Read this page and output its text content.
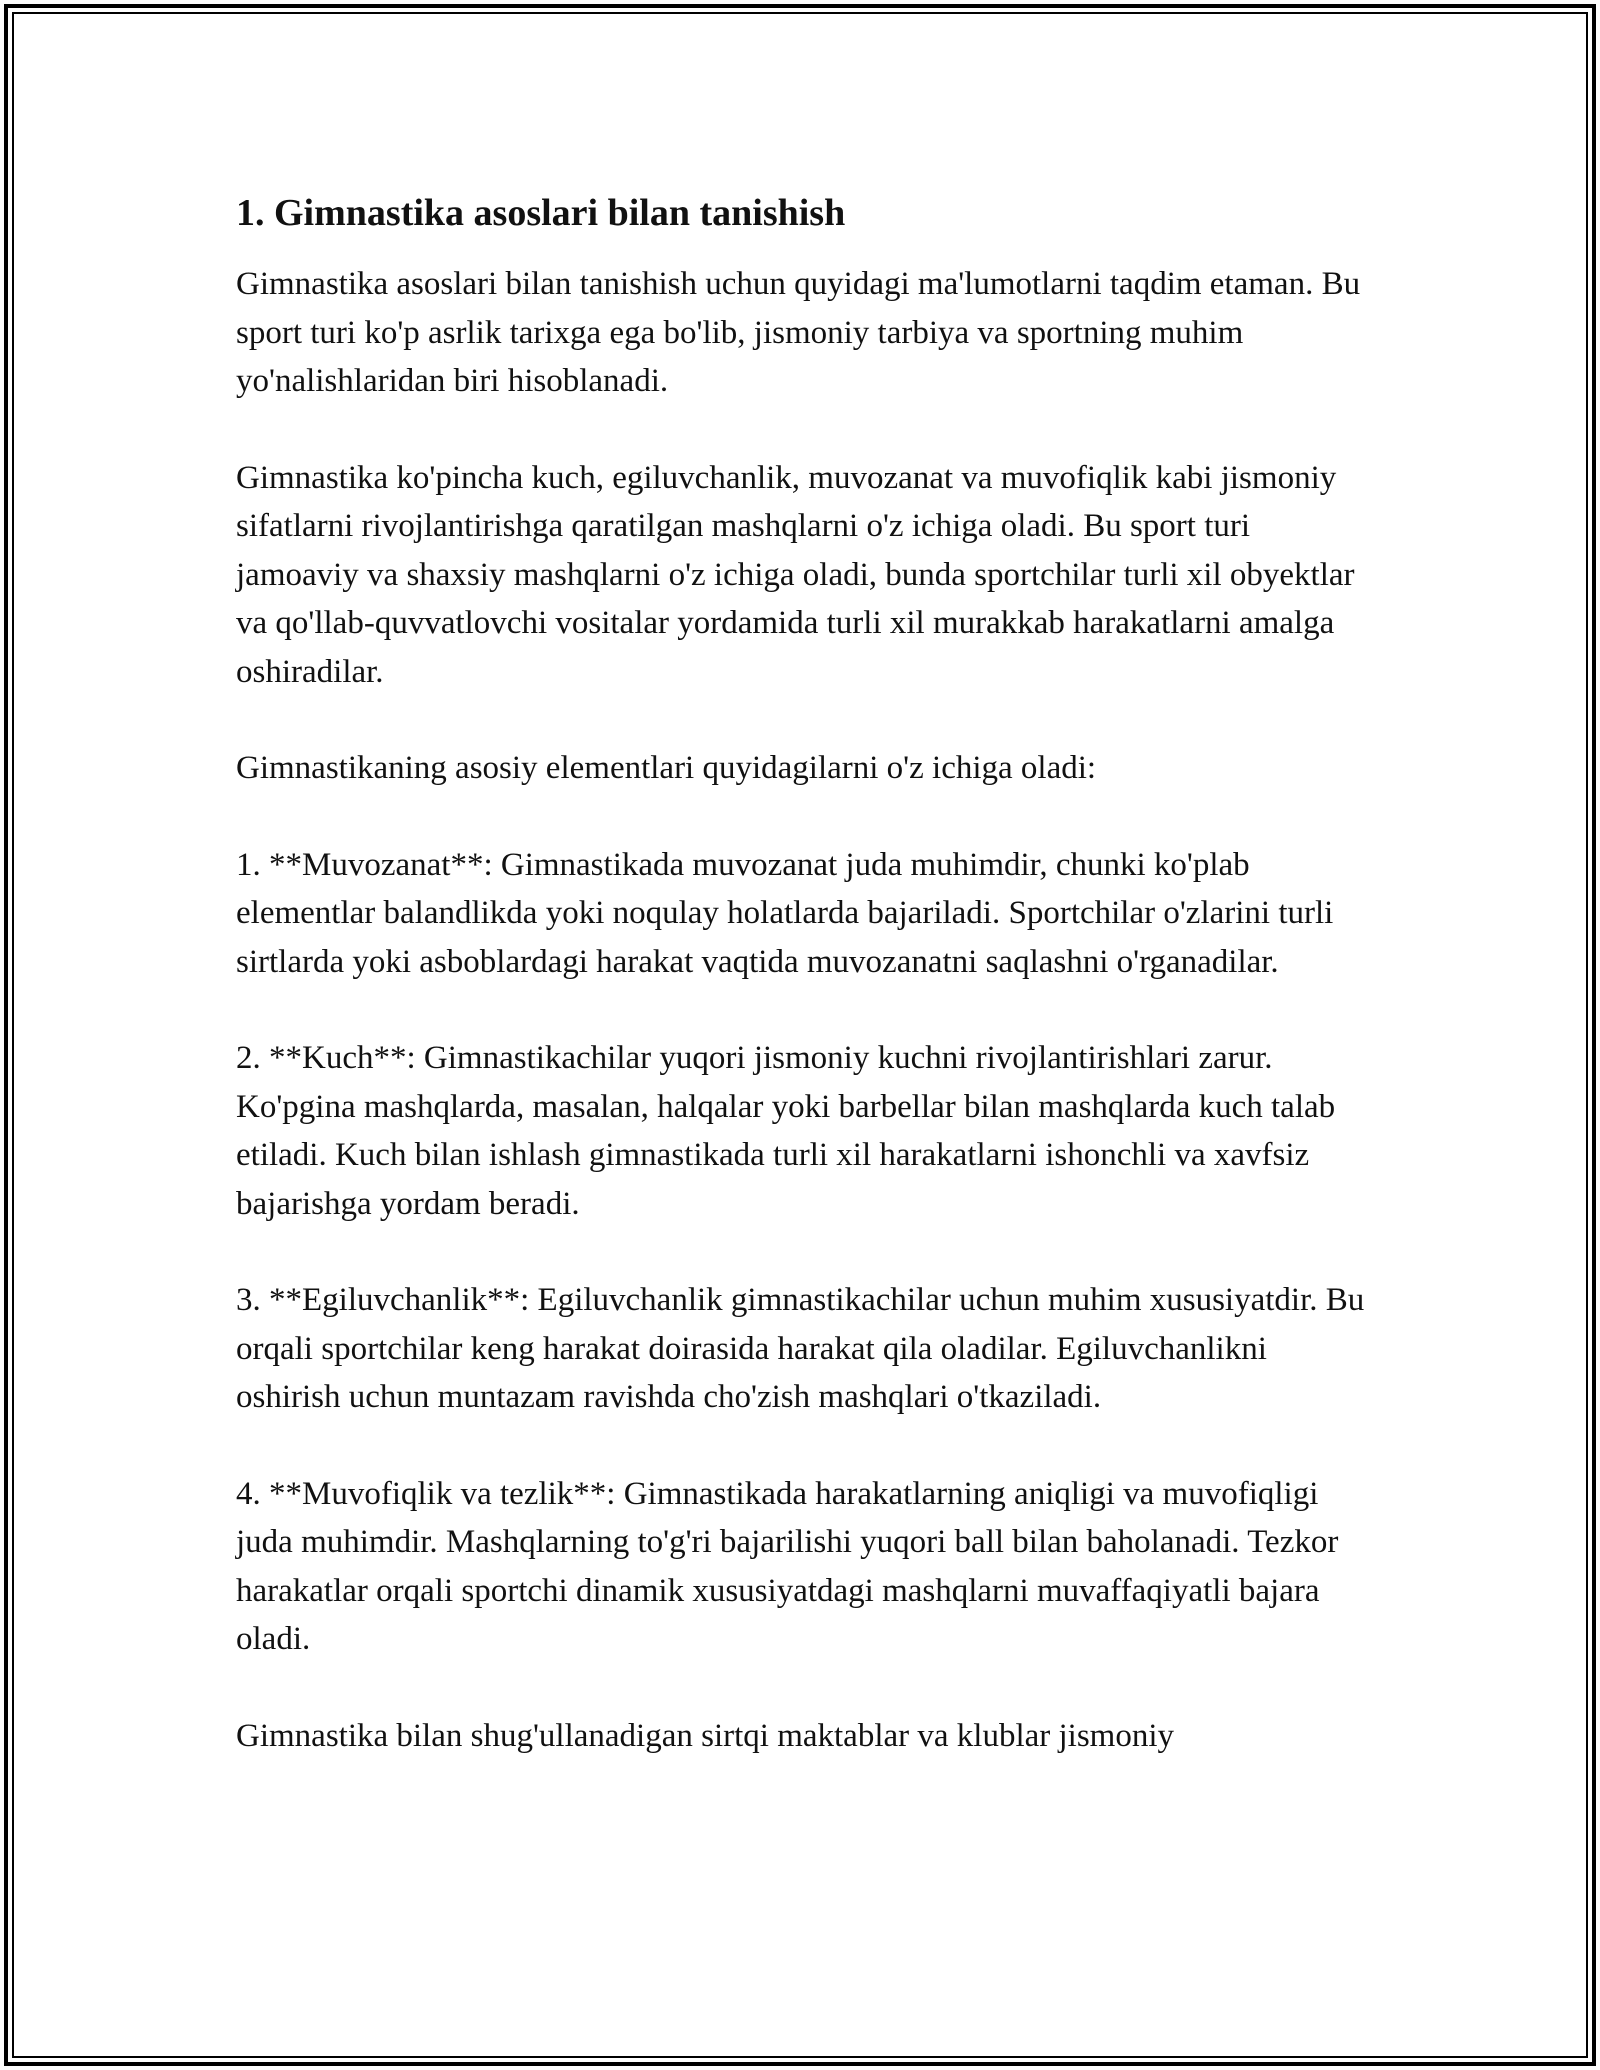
1. Gimnastika asoslari bilan tanishish

Gimnastika asoslari bilan tanishish uchun quyidagi ma'lumotlarni taqdim etaman. Bu sport turi ko'p asrlik tarixga ega bo'lib, jismoniy tarbiya va sportning muhim yo'nalishlaridan biri hisoblanadi.

Gimnastika ko'pincha kuch, egiluvchanlik, muvozanat va muvofiqlik kabi jismoniy sifatlarni rivojlantirishga qaratilgan mashqlarni o'z ichiga oladi. Bu sport turi jamoaviy va shaxsiy mashqlarni o'z ichiga oladi, bunda sportchilar turli xil obyektlar va qo'llab-quvvatlovchi vositalar yordamida turli xil murakkab harakatlarni amalga oshiradilar.

Gimnastikaning asosiy elementlari quyidagilarni o'z ichiga oladi:

1. **Muvozanat**: Gimnastikada muvozanat juda muhimdir, chunki ko'plab elementlar balandlikda yoki noqulay holatlarda bajariladi. Sportchilar o'zlarini turli sirtlarda yoki asboblardagi harakat vaqtida muvozanatni saqlashni o'rganadilar.

2. **Kuch**: Gimnastikachilar yuqori jismoniy kuchni rivojlantirishlari zarur. Ko'pgina mashqlarda, masalan, halqalar yoki barbellar bilan mashqlarda kuch talab etiladi. Kuch bilan ishlash gimnastikada turli xil harakatlarni ishonchli va xavfsiz bajarishga yordam beradi.

3. **Egiluvchanlik**: Egiluvchanlik gimnastikachilar uchun muhim xususiyatdir. Bu orqali sportchilar keng harakat doirasida harakat qila oladilar. Egiluvchanlikni oshirish uchun muntazam ravishda cho'zish mashqlari o'tkaziladi.

4. **Muvofiqlik va tezlik**: Gimnastikada harakatlarning aniqligi va muvofiqligi juda muhimdir. Mashqlarning to'g'ri bajarilishi yuqori ball bilan baholanadi. Tezkor harakatlar orqali sportchi dinamik xususiyatdagi mashqlarni muvaffaqiyatli bajara oladi.

Gimnastika bilan shug'ullanadigan sirtqi maktablar va klublar jismoniy
